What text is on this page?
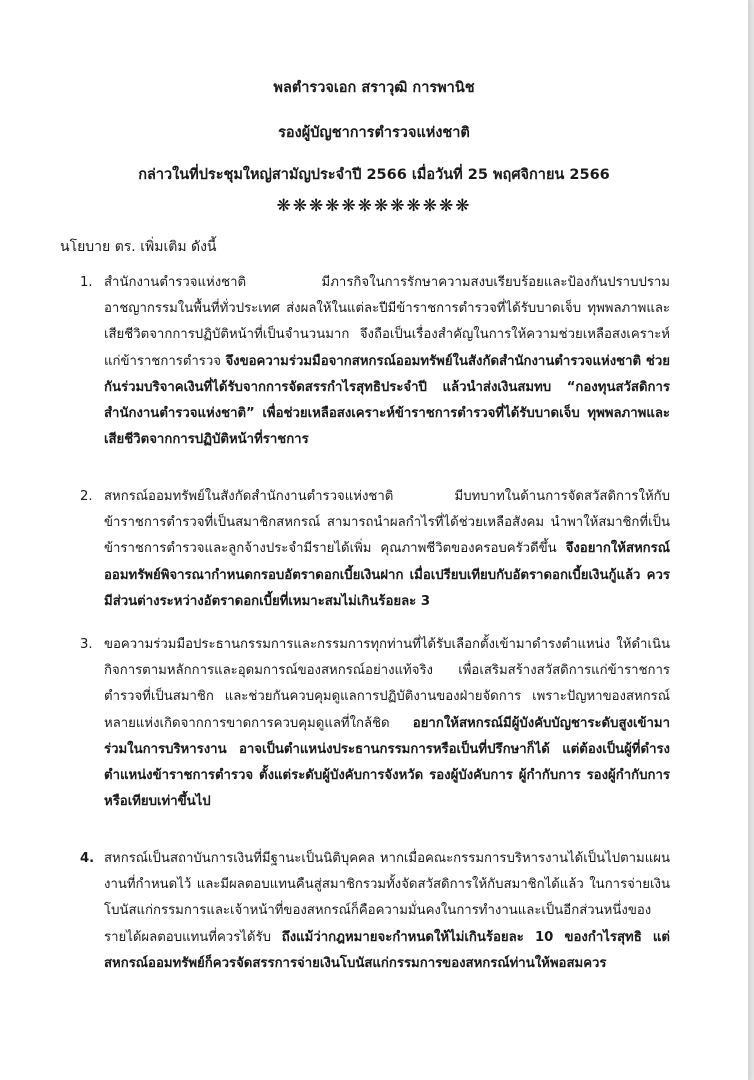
พลตำรวจเอก สราวุฒิ การพานิช
รองผู้บัญชาการตำรวจแห่งชาติ
กล่าวในที่ประชุมใหญ่สามัญประจำปี 2566 เมื่อวันที่ 25 พฤศจิกายน 2566
❋❋❋❋❋❋❋❋❋❋❋❋
นโยบาย ตร. เพิ่มเติม ดังนี้
1. สำนักงานตำรวจแห่งชาติ มีภารกิจในการรักษาความสงบเรียบร้อยและป้องกันปราบปรามอาชญากรรมในพื้นที่ทั่วประเทศ ส่งผลให้ในแต่ละปีมีข้าราชการตำรวจที่ได้รับบาดเจ็บ ทุพพลภาพและเสียชีวิตจากการปฏิบัติหน้าที่เป็นจำนวนมาก จึงถือเป็นเรื่องสำคัญในการให้ความช่วยเหลือสงเคราะห์แก่ข้าราชการตำรวจ จึงขอความร่วมมือจากสหกรณ์ออมทรัพย์ในสังกัดสำนักงานตำรวจแห่งชาติ ช่วยกันร่วมบริจาคเงินที่ได้รับจากการจัดสรรกำไรสุทธิประจำปี แล้วนำส่งเงินสมทบ “กองทุนสวัสดิการ สำนักงานตำรวจแห่งชาติ” เพื่อช่วยเหลือสงเคราะห์ข้าราชการตำรวจที่ได้รับบาดเจ็บ ทุพพลภาพและเสียชีวิตจากการปฏิบัติหน้าที่ราชการ
2. สหกรณ์ออมทรัพย์ในสังกัดสำนักงานตำรวจแห่งชาติ มีบทบาทในด้านการจัดสวัสดิการให้กับข้าราชการตำรวจที่เป็นสมาชิกสหกรณ์ สามารถนำผลกำไรที่ได้ช่วยเหลือสังคม นำพาให้สมาชิกที่เป็นข้าราชการตำรวจและลูกจ้างประจำมีรายได้เพิ่ม คุณภาพชีวิตของครอบครัวดีขึ้น จึงอยากให้สหกรณ์ออมทรัพย์พิจารณากำหนดกรอบอัตราดอกเบี้ยเงินฝาก เมื่อเปรียบเทียบกับอัตราดอกเบี้ยเงินกู้แล้ว ควรมีส่วนต่างระหว่างอัตราดอกเบี้ยที่เหมาะสมไม่เกินร้อยละ 3
3. ขอความร่วมมือประธานกรรมการและกรรมการทุกท่านที่ได้รับเลือกตั้งเข้ามาดำรงตำแหน่ง ให้ดำเนินกิจการตามหลักการและอุดมการณ์ของสหกรณ์อย่างแท้จริง เพื่อเสริมสร้างสวัสดิการแก่ข้าราชการตำรวจที่เป็นสมาชิก และช่วยกันควบคุมดูแลการปฏิบัติงานของฝ่ายจัดการ เพราะปัญหาของสหกรณ์หลายแห่งเกิดจากการขาดการควบคุมดูแลที่ใกล้ชิด อยากให้สหกรณ์มีผู้บังคับบัญชาระดับสูงเข้ามาร่วมในการบริหารงาน อาจเป็นตำแหน่งประธานกรรมการหรือเป็นที่ปรึกษาก็ได้ แต่ต้องเป็นผู้ที่ดำรงตำแหน่งข้าราชการตำรวจ ตั้งแต่ระดับผู้บังคับการจังหวัด รองผู้บังคับการ ผู้กำกับการ รองผู้กำกับการ หรือเทียบเท่าขึ้นไป
4. สหกรณ์เป็นสถาบันการเงินที่มีฐานะเป็นนิติบุคคล หากเมื่อคณะกรรมการบริหารงานได้เป็นไปตามแผนงานที่กำหนดไว้ และมีผลตอบแทนคืนสู่สมาชิกรวมทั้งจัดสวัสดิการให้กับสมาชิกได้แล้ว ในการจ่ายเงินโบนัสแก่กรรมการและเจ้าหน้าที่ของสหกรณ์ก็คือความมั่นคงในการทำงานและเป็นอีกส่วนหนึ่งของรายได้ผลตอบแทนที่ควรได้รับ ถึงแม้ว่ากฎหมายจะกำหนดให้ไม่เกินร้อยละ 10 ของกำไรสุทธิ แต่สหกรณ์ออมทรัพย์ก็ควรจัดสรรการจ่ายเงินโบนัสแก่กรรมการของสหกรณ์ท่านให้พอสมควร
